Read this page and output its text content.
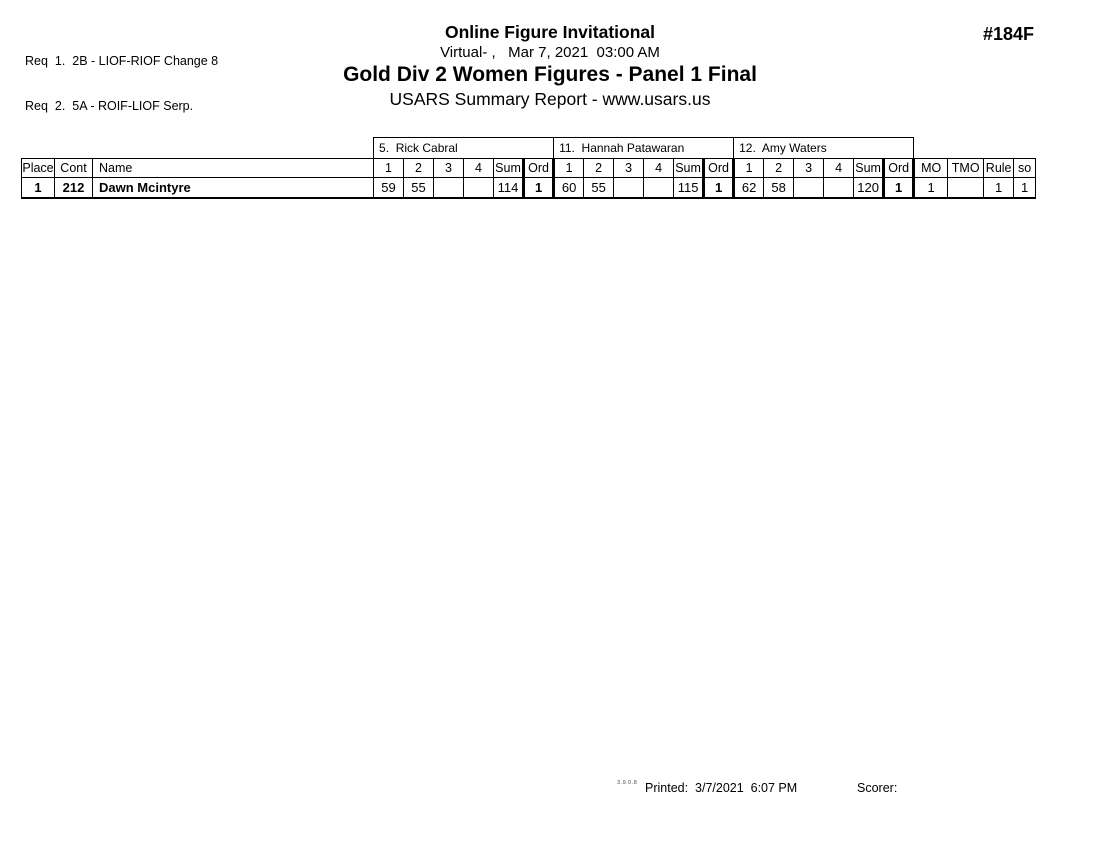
Req  1.  2B - LIOF-RIOF Change 8

Req  2.  5A - ROIF-LIOF Serp.

Online Figure Invitational
Virtual- ,   Mar 7, 2021  03:00 AM
Gold Div 2 Women Figures - Panel 1 Final
USARS Summary Report - www.usars.us
#184F
			5.  Rick Cabral						11.  Hannah Patawaran						12.  Amy Waters									
Place	Cont	Name	1	2	3	4	Sum	Ord	1	2	3	4	Sum	Ord	1	2	3	4	Sum	Ord	MO	TMO	Rule	so
1	212	Dawn Mcintyre	59	55			114	1	60	55			115	1	62	58			120	1	1		1	1
3.9.0.8 Printed:  3/7/2021  6:07 PM	Scorer:
